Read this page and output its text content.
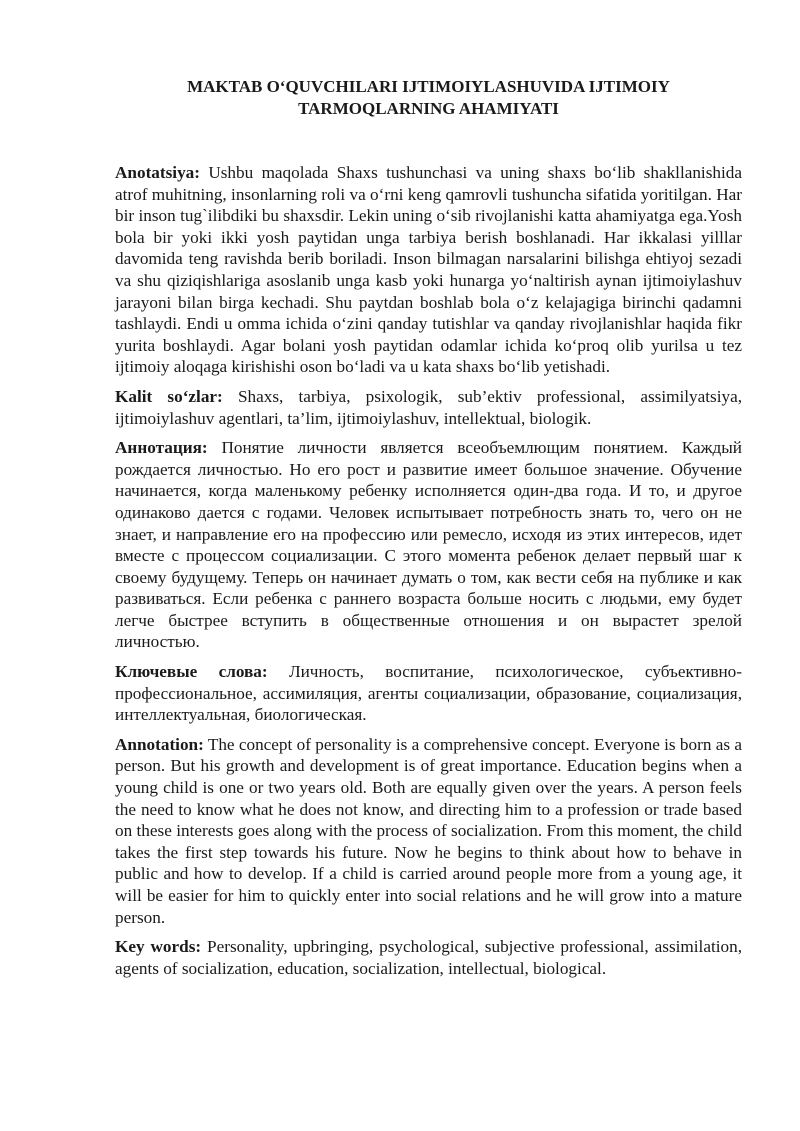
MAKTAB O‘QUVCHILARI IJTIMOIYLASHUVIDA IJTIMOIY
TARMOQLARNING AHAMIYATI

Anotatsiya: Ushbu maqolada Shaxs tushunchasi va uning shaxs bo‘lib shakllanishida atrof muhitning, insonlarning roli va o‘rni keng qamrovli tushuncha sifatida yoritilgan. Har bir inson tug`ilibdiki bu shaxsdir. Lekin uning o‘sib rivojlanishi katta ahamiyatga ega.Yosh bola bir yoki ikki yosh paytidan unga tarbiya berish boshlanadi. Har ikkalasi yilllar davomida teng ravishda berib boriladi. Inson bilmagan narsalarini bilishga ehtiyoj sezadi va shu qiziqishlariga asoslanib unga kasb yoki hunarga yo‘naltirish aynan ijtimoiylashuv jarayoni bilan birga kechadi. Shu paytdan boshlab bola o‘z kelajagiga birinchi qadamni tashlaydi. Endi u omma ichida o‘zini qanday tutishlar va qanday rivojlanishlar haqida fikr yurita boshlaydi. Agar bolani yosh paytidan odamlar ichida ko‘proq olib yurilsa u tez ijtimoiy aloqaga kirishishi oson bo‘ladi va u kata shaxs bo‘lib yetishadi.

Kalit so‘zlar: Shaxs, tarbiya, psixologik, sub’ektiv professional, assimilyatsiya, ijtimoiylashuv agentlari, ta’lim, ijtimoiylashuv, intellektual, biologik.

Аннотация: Понятие личности является всеобъемлющим понятием. Каждый рождается личностью. Но его рост и развитие имеет большое значение. Обучение начинается, когда маленькому ребенку исполняется один-два года. И то, и другое одинаково дается с годами. Человек испытывает потребность знать то, чего он не знает, и направление его на профессию или ремесло, исходя из этих интересов, идет вместе с процессом социализации. С этого момента ребенок делает первый шаг к своему будущему. Теперь он начинает думать о том, как вести себя на публике и как развиваться. Если ребенка с раннего возраста больше носить с людьми, ему будет легче быстрее вступить в общественные отношения и он вырастет зрелой личностью.

Ключевые слова: Личность, воспитание, психологическое, субъективно-профессиональное, ассимиляция, агенты социализации, образование, социализация, интеллектуальная, биологическая.

Annotation: The concept of personality is a comprehensive concept. Everyone is born as a person. But his growth and development is of great importance. Education begins when a young child is one or two years old. Both are equally given over the years. A person feels the need to know what he does not know, and directing him to a profession or trade based on these interests goes along with the process of socialization. From this moment, the child takes the first step towards his future. Now he begins to think about how to behave in public and how to develop. If a child is carried around people more from a young age, it will be easier for him to quickly enter into social relations and he will grow into a mature person.

Key words: Personality, upbringing, psychological, subjective professional, assimilation, agents of socialization, education, socialization, intellectual, biological.
